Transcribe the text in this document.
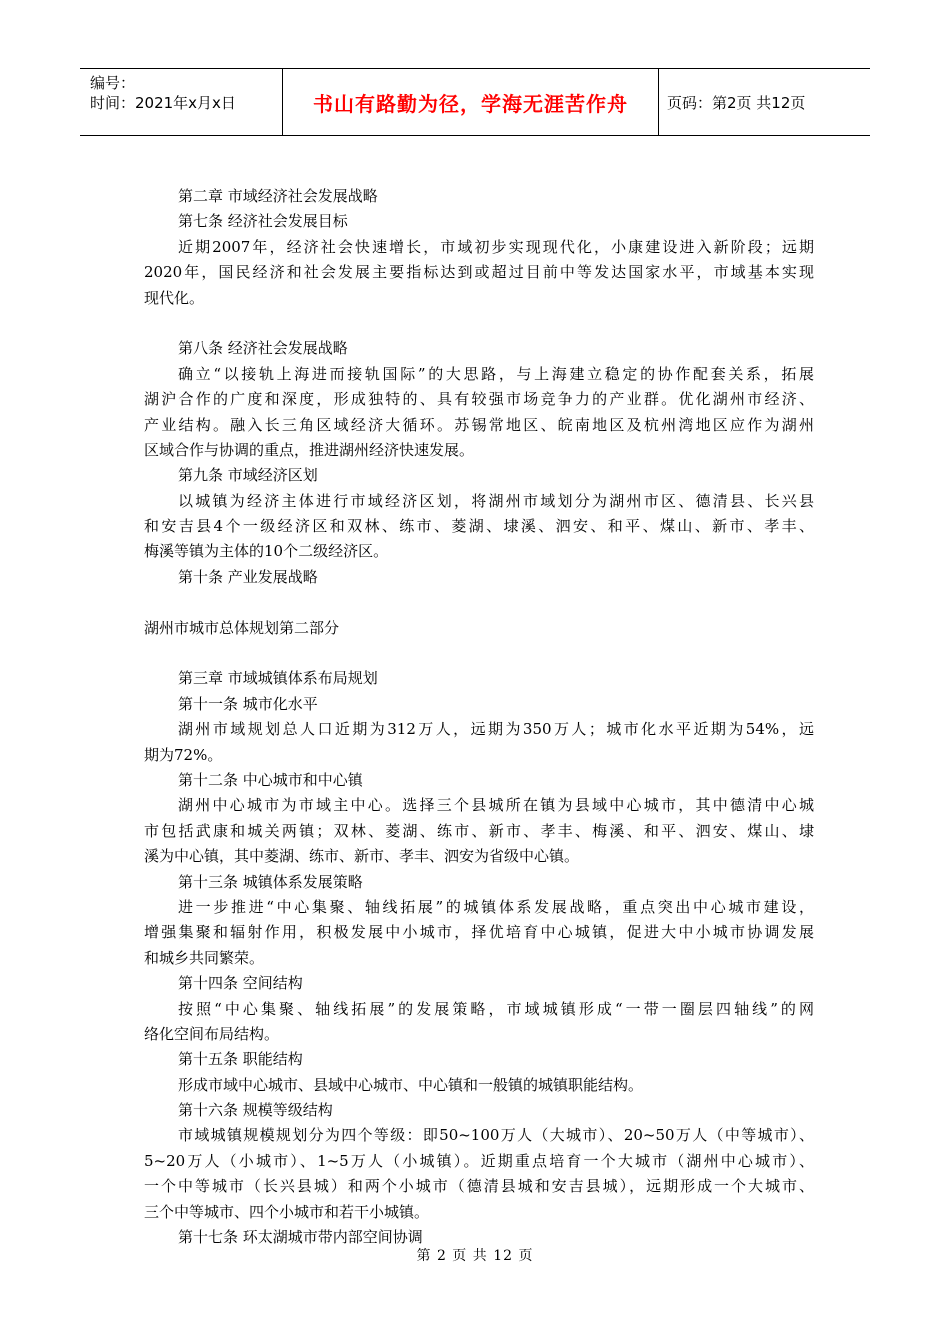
编号：
时间：2021年x月x日	书山有路勤为径，学海无涯苦作舟	页码：第2页 共12页
第二章 市域经济社会发展战略
第七条 经济社会发展目标
近期2007年，经济社会快速增长，市域初步实现现代化，小康建设进入新阶段；远期
2020年，国民经济和社会发展主要指标达到或超过目前中等发达国家水平，市域基本实现
现代化。
第八条 经济社会发展战略
确立“以接轨上海进而接轨国际”的大思路，与上海建立稳定的协作配套关系，拓展
湖沪合作的广度和深度，形成独特的、具有较强市场竞争力的产业群。优化湖州市经济、
产业结构。融入长三角区域经济大循环。苏锡常地区、皖南地区及杭州湾地区应作为湖州
区域合作与协调的重点，推进湖州经济快速发展。
第九条 市域经济区划
以城镇为经济主体进行市域经济区划，将湖州市域划分为湖州市区、德清县、长兴县
和安吉县4个一级经济区和双林、练市、菱湖、埭溪、泗安、和平、煤山、新市、孝丰、
梅溪等镇为主体的10个二级经济区。
第十条 产业发展战略
湖州市城市总体规划第二部分
第三章 市域城镇体系布局规划
第十一条 城市化水平
湖州市域规划总人口近期为312万人，远期为350万人；城市化水平近期为54%，远
期为72%。
第十二条 中心城市和中心镇
湖州中心城市为市域主中心。选择三个县城所在镇为县域中心城市，其中德清中心城
市包括武康和城关两镇；双林、菱湖、练市、新市、孝丰、梅溪、和平、泗安、煤山、埭
溪为中心镇，其中菱湖、练市、新市、孝丰、泗安为省级中心镇。
第十三条 城镇体系发展策略
进一步推进“中心集聚、轴线拓展”的城镇体系发展战略，重点突出中心城市建设，
增强集聚和辐射作用，积极发展中小城市，择优培育中心城镇，促进大中小城市协调发展
和城乡共同繁荣。
第十四条 空间结构
按照“中心集聚、轴线拓展”的发展策略，市域城镇形成“一带一圈层四轴线”的网
络化空间布局结构。
第十五条 职能结构
形成市域中心城市、县域中心城市、中心镇和一般镇的城镇职能结构。
第十六条 规模等级结构
市域城镇规模规划分为四个等级：即50~100万人（大城市）、20~50万人（中等城市）、
5~20万人（小城市）、1~5万人（小城镇）。近期重点培育一个大城市（湖州中心城市）、
一个中等城市（长兴县城）和两个小城市（德清县城和安吉县城），远期形成一个大城市、
三个中等城市、四个小城市和若干小城镇。
第十七条 环太湖城市带内部空间协调
第 2 页 共 12 页
